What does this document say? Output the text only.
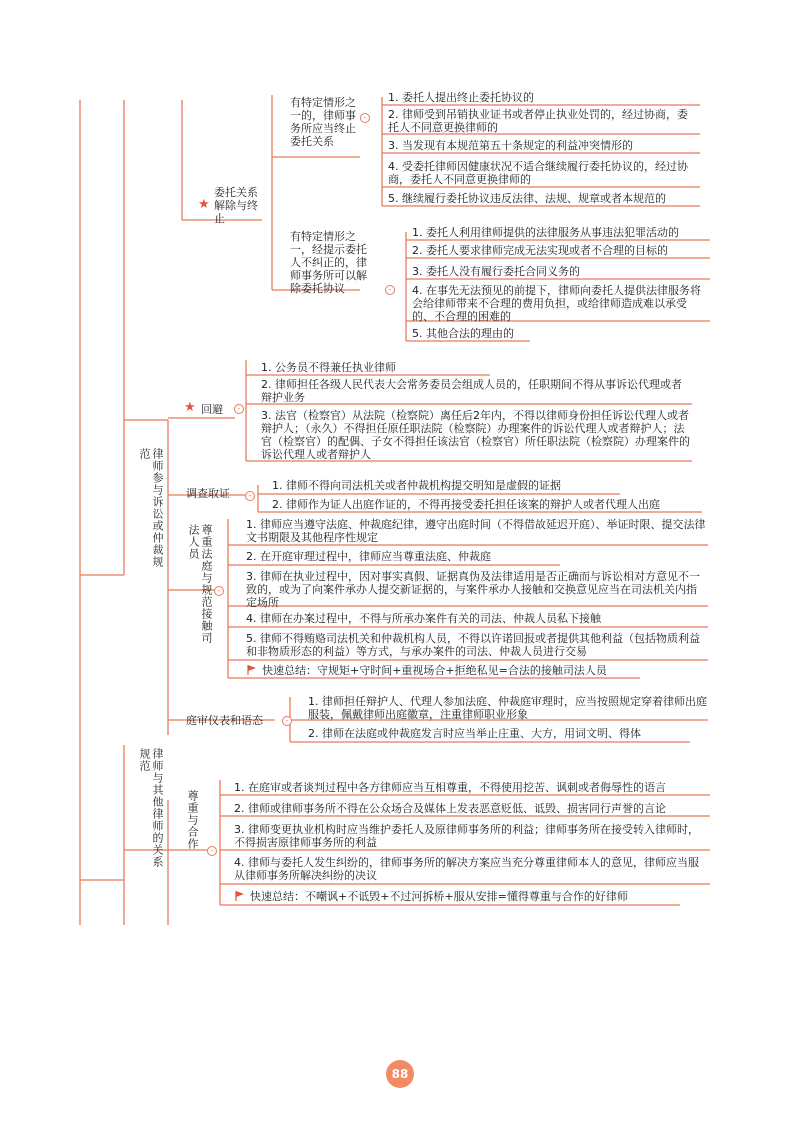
律师参与诉讼或仲裁规范
律师与其他律师的关系规范
★
委托关系解除与终止
有特定情形之一的，律师事务所应当终止委托关系
有特定情形之一，经提示委托人不纠正的，律师事务所可以解除委托协议
-
-
1. 委托人提出终止委托协议的
2. 律师受到吊销执业证书或者停止执业处罚的，经过协商，委托人不同意更换律师的
3. 当发现有本规范第五十条规定的利益冲突情形的
4. 受委托律师因健康状况不适合继续履行委托协议的，经过协商，委托人不同意更换律师的
5. 继续履行委托协议违反法律、法规、规章或者本规范的
1. 委托人利用律师提供的法律服务从事违法犯罪活动的
2. 委托人要求律师完成无法实现或者不合理的目标的
3. 委托人没有履行委托合同义务的
4. 在事先无法预见的前提下，律师向委托人提供法律服务将会给律师带来不合理的费用负担，或给律师造成难以承受的、不合理的困难的
5. 其他合法的理由的
★ 回避	-
1. 公务员不得兼任执业律师
2. 律师担任各级人民代表大会常务委员会组成人员的，任职期间不得从事诉讼代理或者辩护业务
3. 法官（检察官）从法院（检察院）离任后2年内，不得以律师身份担任诉讼代理人或者辩护人；（永久）不得担任原任职法院（检察院）办理案件的诉讼代理人或者辩护人；法官（检察官）的配偶、子女不得担任该法官（检察官）所任职法院（检察院）办理案件的诉讼代理人或者辩护人
调查取证	-
1. 律师不得向司法机关或者仲裁机构提交明知是虚假的证据
2. 律师作为证人出庭作证的，不得再接受委托担任该案的辩护人或者代理人出庭
尊重法庭与规范接触司法人员
-
1. 律师应当遵守法庭、仲裁庭纪律，遵守出庭时间（不得借故延迟开庭）、举证时限、提交法律文书期限及其他程序性规定
2. 在开庭审理过程中，律师应当尊重法庭、仲裁庭
3. 律师在执业过程中，因对事实真假、证据真伪及法律适用是否正确而与诉讼相对方意见不一致的，或为了向案件承办人提交新证据的，与案件承办人接触和交换意见应当在司法机关内指定场所
4. 律师在办案过程中，不得与所承办案件有关的司法、仲裁人员私下接触
5. 律师不得贿赂司法机关和仲裁机构人员，不得以许诺回报或者提供其他利益（包括物质利益和非物质形态的利益）等方式，与承办案件的司法、仲裁人员进行交易
快速总结：守规矩+守时间+重视场合+拒绝私见=合法的接触司法人员
庭审仪表和语态	-
1. 律师担任辩护人、代理人参加法庭、仲裁庭审理时，应当按照规定穿着律师出庭服装，佩戴律师出庭徽章，注重律师职业形象
2. 律师在法庭或仲裁庭发言时应当举止庄重、大方，用词文明、得体
尊重与合作
-
1. 在庭审或者谈判过程中各方律师应当互相尊重，不得使用挖苦、讽刺或者侮辱性的语言
2. 律师或律师事务所不得在公众场合及媒体上发表恶意贬低、诋毁、损害同行声誉的言论
3. 律师变更执业机构时应当维护委托人及原律师事务所的利益；律师事务所在接受转入律师时，不得损害原律师事务所的利益
4. 律师与委托人发生纠纷的，律师事务所的解决方案应当充分尊重律师本人的意见，律师应当服从律师事务所解决纠纷的决议
快速总结：不嘲讽+不诋毁+不过河拆桥+服从安排=懂得尊重与合作的好律师
88
